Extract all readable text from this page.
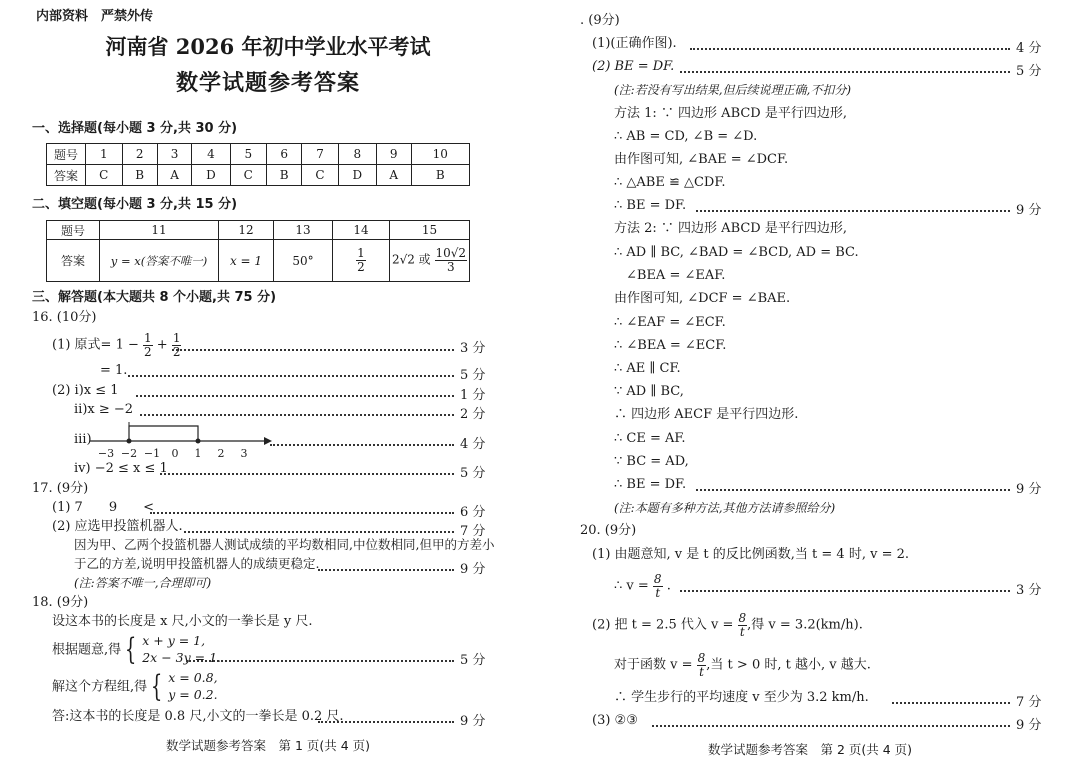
内部资料　严禁外传
河南省 2026 年初中学业水平考试
数学试题参考答案
一、选择题(每小题 3 分,共 30 分)
题号	1	2	3	4	5	6	7	8	9	10
答案	C	B	A	D	C	B	C	D	A	B
二、填空题(每小题 3 分,共 15 分)
题号	11	12	13	14	15
答案	y = x(答案不唯一)	x = 1	50°	$\frac{1}{2}$	2√2 或 $\frac{10√2}{3}$
三、解答题(本大题共 8 个小题,共 75 分)
16. (10分)
(1) 原式= $1 - \frac{1}{2} + \frac{1}{2}$	3 分
= 1.	5 分
(2) ⅰ)x ≤ 1	1 分
ⅱ)x ≥ −2	2 分
ⅲ)
−3 −2 −1 0 1 2 3
4 分
ⅳ) −2 ≤ x ≤ 1	5 分
17. (9分)
(1) 7　　9　　<	6 分
(2) 应选甲投篮机器人.	7 分
因为甲、乙两个投篮机器人测试成绩的平均数相同,中位数相同,但甲的方差小
于乙的方差,说明甲投篮机器人的成绩更稳定.	9 分
(注:答案不唯一,合理即可)
18. (9分)
设这本书的长度是 x 尺,小文的一拳长是 y 尺.
根据题意,得 { x + y = 1,
2x − 3y = 1.	5 分
解这个方程组,得 { x = 0.8,
y = 0.2.
答:这本书的长度是 0.8 尺,小文的一拳长是 0.2 尺.	9 分
数学试题参考答案　第 1 页(共 4 页)
. (9分)
(1)(正确作图).	4 分
(2) BE = DF.	5 分
(注:若没有写出结果,但后续说理正确,不扣分)
方法 1: ∵ 四边形 ABCD 是平行四边形,
∴ AB = CD, ∠B = ∠D.
由作图可知, ∠BAE = ∠DCF.
∴ △ABE ≌ △CDF.
∴ BE = DF.	9 分
方法 2: ∵ 四边形 ABCD 是平行四边形,
∴ AD ∥ BC, ∠BAD = ∠BCD, AD = BC.
∠BEA = ∠EAF.
由作图可知, ∠DCF = ∠BAE.
∴ ∠EAF = ∠ECF.
∴ ∠BEA = ∠ECF.
∴ AE ∥ CF.
∵ AD ∥ BC,
∴ 四边形 AECF 是平行四边形.
∴ CE = AF.
∵ BC = AD,
∴ BE = DF.	9 分
(注:本题有多种方法,其他方法请参照给分)
20. (9分)
(1) 由题意知, v 是 t 的反比例函数,当 t = 4 时, v = 2.
∴ $v = \frac{8}{t}$ .	3 分
(2) 把 t = 2.5 代入 $v = \frac{8}{t}$ ,得 v = 3.2(km/h).
对于函数 $v = \frac{8}{t}$ ,当 t > 0 时, t 越小, v 越大.
∴ 学生步行的平均速度 v 至少为 3.2 km/h.	7 分
(3) ②③	9 分
数学试题参考答案　第 2 页(共 4 页)
